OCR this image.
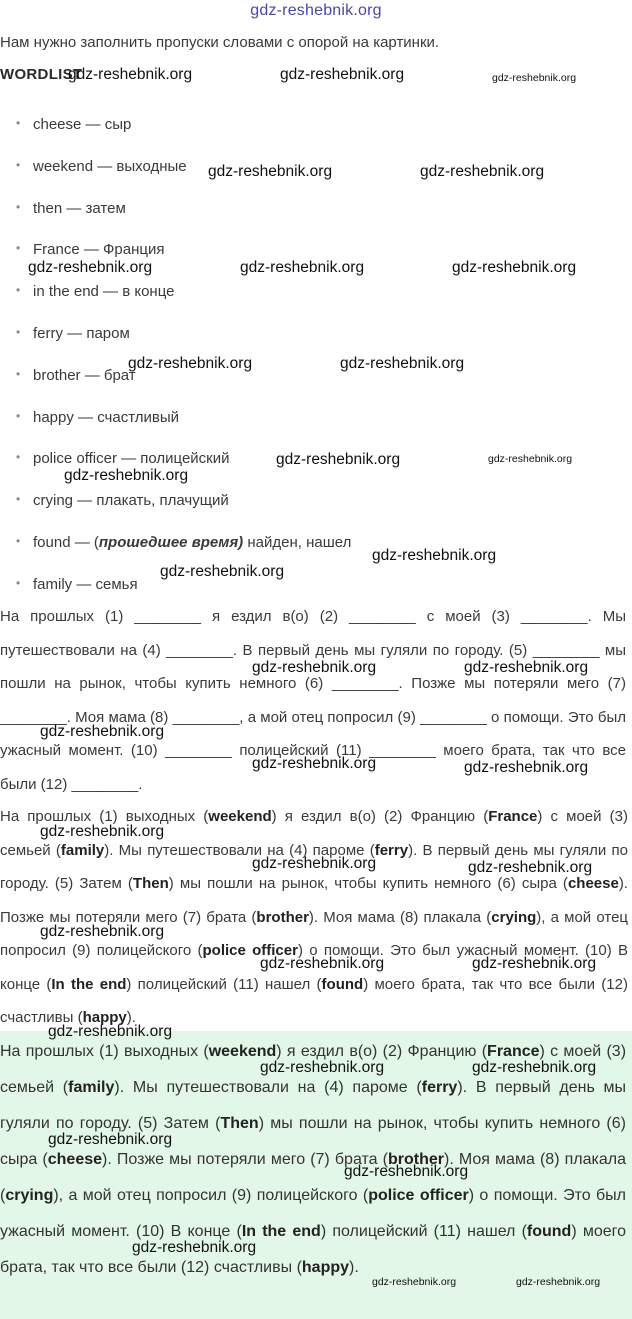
gdz-reshebnik.org
Нам нужно заполнить пропуски словами с опорой на картинки.
WORDLIST
• cheese — сыр
• weekend — выходные
• then — затем
• France — Франция
• in the end — в конце
• ferry — паром
• brother — брат
• happy — счастливый
• police officer — полицейский
• crying — плакать, плачущий
• found — (прошедшее время) найден, нашел
• family — семья
На прошлых (1) ________ я ездил в(о) (2) ________ с моей (3) ________. Мы путешествовали на (4) ________. В первый день мы гуляли по городу. (5) ________ мы пошли на рынок, чтобы купить немного (6) ________. Позже мы потеряли мего (7) ________. Моя мама (8) ________, а мой отец попросил (9) ________ о помощи. Это был ужасный момент. (10) ________ полицейский (11) ________ моего брата, так что все были (12) ________.
На прошлых (1) выходных (weekend) я ездил в(о) (2) Францию (France) с моей (3) семьей (family). Мы путешествовали на (4) пароме (ferry). В первый день мы гуляли по городу. (5) Затем (Then) мы пошли на рынок, чтобы купить немного (6) сыра (cheese). Позже мы потеряли мего (7) брата (brother). Моя мама (8) плакала (crying), а мой отец попросил (9) полицейского (police officer) о помощи. Это был ужасный момент. (10) В конце (In the end) полицейский (11) нашел (found) моего брата, так что все были (12) счастливы (happy).
На прошлых (1) выходных (weekend) я ездил в(о) (2) Францию (France) с моей (3) семьей (family). Мы путешествовали на (4) пароме (ferry). В первый день мы гуляли по городу. (5) Затем (Then) мы пошли на рынок, чтобы купить немного (6) сыра (cheese). Позже мы потеряли мего (7) брата (brother). Моя мама (8) плакала (crying), а мой отец попросил (9) полицейского (police officer) о помощи. Это был ужасный момент. (10) В конце (In the end) полицейский (11) нашел (found) моего брата, так что все были (12) счастливы (happy).
gdz-reshebnik.org	gdz-reshebnik.org	gdz-reshebnik.org
gdz-reshebnik.org	gdz-reshebnik.org
gdz-reshebnik.org	gdz-reshebnik.org	gdz-reshebnik.org
gdz-reshebnik.org	gdz-reshebnik.org
gdz-reshebnik.org	gdz-reshebnik.org
gdz-reshebnik.org
gdz-reshebnik.org
gdz-reshebnik.org
gdz-reshebnik.org	gdz-reshebnik.org
gdz-reshebnik.org
gdz-reshebnik.org	gdz-reshebnik.org
gdz-reshebnik.org
gdz-reshebnik.org	gdz-reshebnik.org
gdz-reshebnik.org
gdz-reshebnik.org	gdz-reshebnik.org
gdz-reshebnik.org
gdz-reshebnik.org	gdz-reshebnik.org
gdz-reshebnik.org
gdz-reshebnik.org
gdz-reshebnik.org
gdz-reshebnik.org	gdz-reshebnik.org
